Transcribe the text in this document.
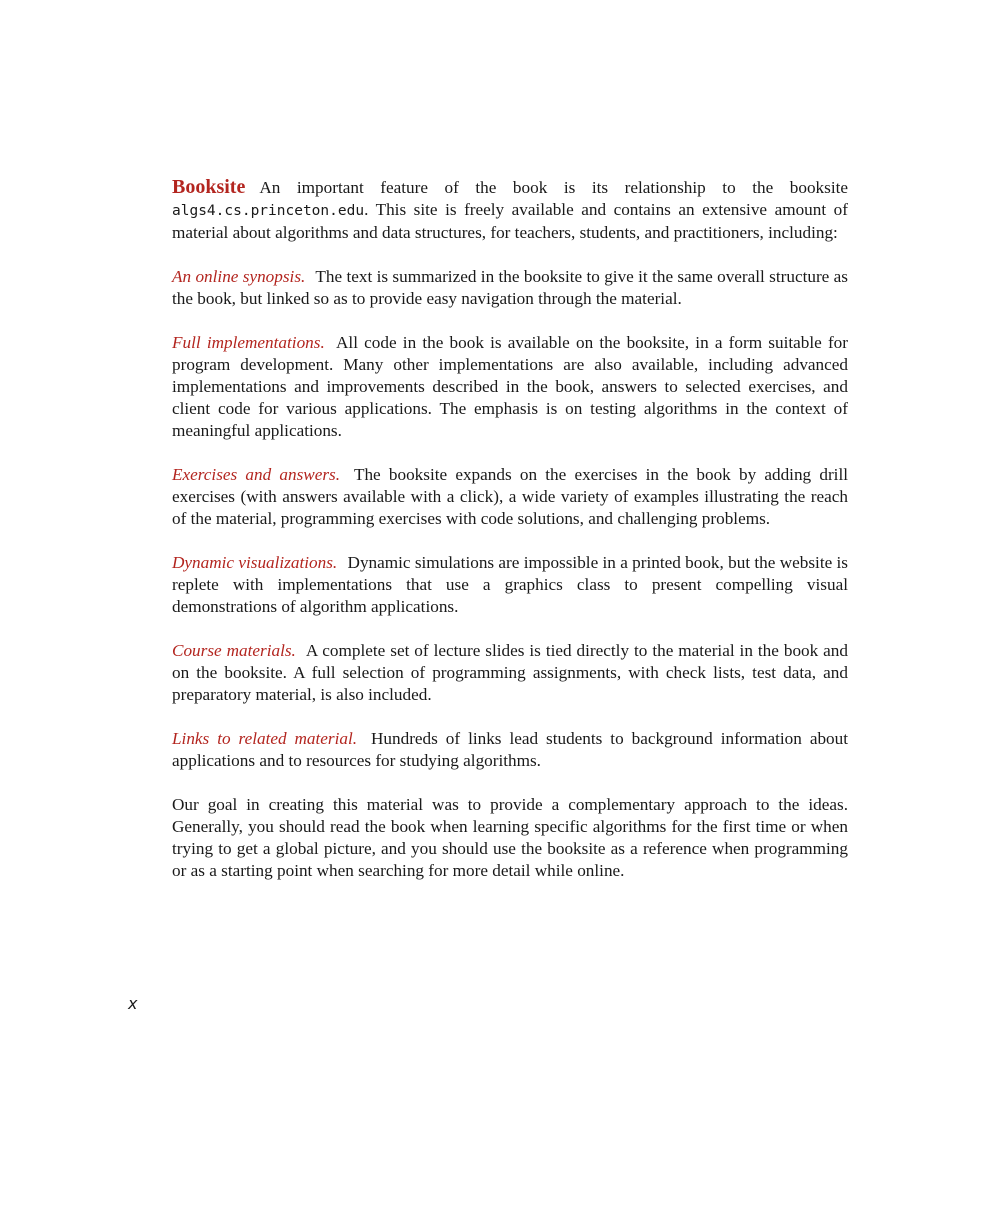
Booksite An important feature of the book is its relationship to the booksite algs4.cs.princeton.edu. This site is freely available and contains an extensive amount of material about algorithms and data structures, for teachers, students, and practitioners, including:

An online synopsis. The text is summarized in the booksite to give it the same overall structure as the book, but linked so as to provide easy navigation through the material.

Full implementations. All code in the book is available on the booksite, in a form suitable for program development. Many other implementations are also available, including advanced implementations and improvements described in the book, answers to selected exercises, and client code for various applications. The emphasis is on testing algorithms in the context of meaningful applications.

Exercises and answers. The booksite expands on the exercises in the book by adding drill exercises (with answers available with a click), a wide variety of examples illustrating the reach of the material, programming exercises with code solutions, and challenging problems.

Dynamic visualizations. Dynamic simulations are impossible in a printed book, but the website is replete with implementations that use a graphics class to present compelling visual demonstrations of algorithm applications.

Course materials. A complete set of lecture slides is tied directly to the material in the book and on the booksite. A full selection of programming assignments, with check lists, test data, and preparatory material, is also included.

Links to related material. Hundreds of links lead students to background information about applications and to resources for studying algorithms.

Our goal in creating this material was to provide a complementary approach to the ideas. Generally, you should read the book when learning specific algorithms for the first time or when trying to get a global picture, and you should use the booksite as a reference when programming or as a starting point when searching for more detail while online.

x
